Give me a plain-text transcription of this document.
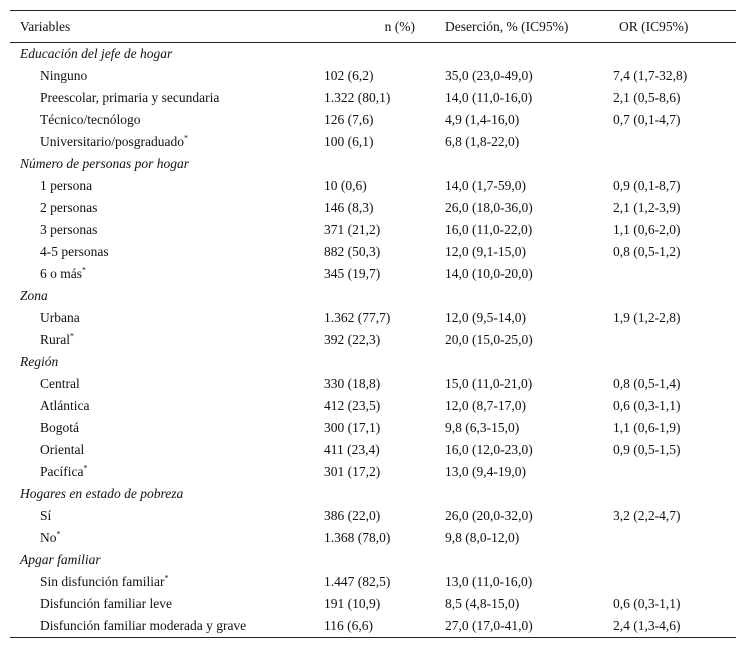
Variables	n (%)	Deserción, % (IC95%)	OR (IC95%)
Educación del jefe de hogar			
Ninguno	102 (6,2)	35,0 (23,0-49,0)	7,4 (1,7-32,8)
Preescolar, primaria y secundaria	1.322 (80,1)	14,0 (11,0-16,0)	2,1 (0,5-8,6)
Técnico/tecnólogo	126 (7,6)	4,9 (1,4-16,0)	0,7 (0,1-4,7)
Universitario/posgraduado*	100 (6,1)	6,8 (1,8-22,0)	
Número de personas por hogar			
1 persona	10 (0,6)	14,0 (1,7-59,0)	0,9 (0,1-8,7)
2 personas	146 (8,3)	26,0 (18,0-36,0)	2,1 (1,2-3,9)
3 personas	371 (21,2)	16,0 (11,0-22,0)	1,1 (0,6-2,0)
4-5 personas	882 (50,3)	12,0 (9,1-15,0)	0,8 (0,5-1,2)
6 o más*	345 (19,7)	14,0 (10,0-20,0)	
Zona			
Urbana	1.362 (77,7)	12,0 (9,5-14,0)	1,9 (1,2-2,8)
Rural*	392 (22,3)	20,0 (15,0-25,0)	
Región			
Central	330 (18,8)	15,0 (11,0-21,0)	0,8 (0,5-1,4)
Atlántica	412 (23,5)	12,0 (8,7-17,0)	0,6 (0,3-1,1)
Bogotá	300 (17,1)	9,8 (6,3-15,0)	1,1 (0,6-1,9)
Oriental	411 (23,4)	16,0 (12,0-23,0)	0,9 (0,5-1,5)
Pacífica*	301 (17,2)	13,0 (9,4-19,0)	
Hogares en estado de pobreza			
Sí	386 (22,0)	26,0 (20,0-32,0)	3,2 (2,2-4,7)
No*	1.368 (78,0)	9,8 (8,0-12,0)	
Apgar familiar			
Sin disfunción familiar*	1.447 (82,5)	13,0 (11,0-16,0)	
Disfunción familiar leve	191 (10,9)	8,5 (4,8-15,0)	0,6 (0,3-1,1)
Disfunción familiar moderada y grave	116 (6,6)	27,0 (17,0-41,0)	2,4 (1,3-4,6)
